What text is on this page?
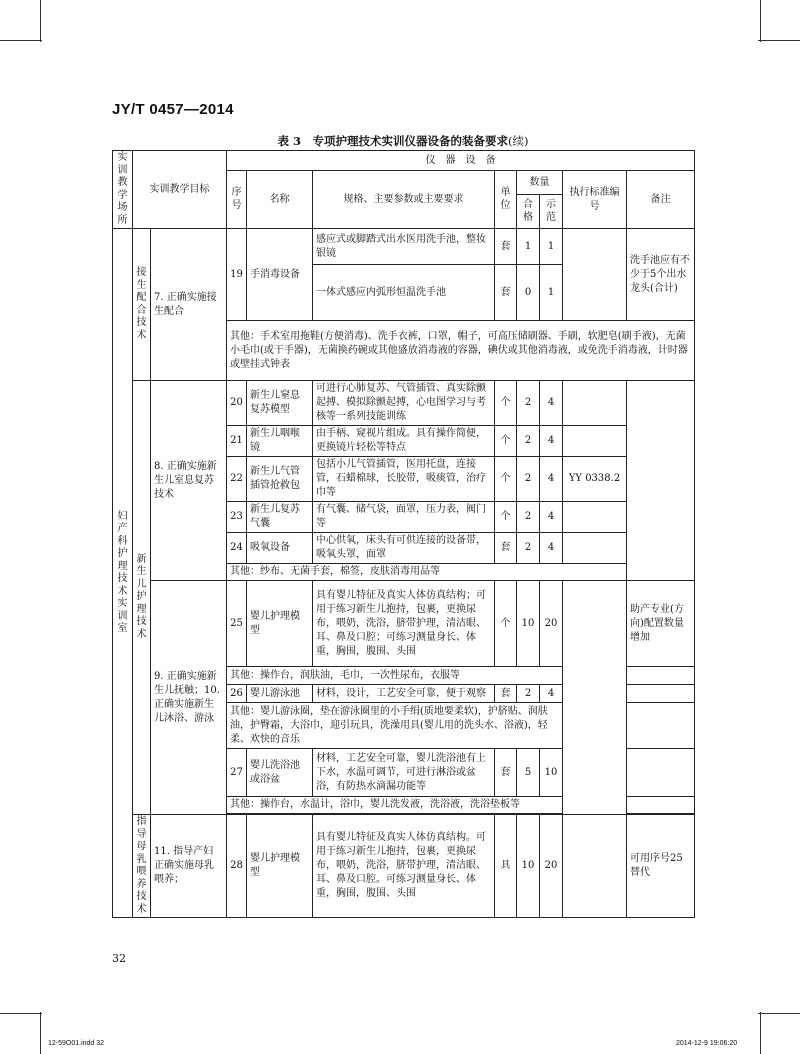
JY/T 0457—2014
表 3　专项护理技术实训仪器设备的装备要求(续)
实训教学场所	实训教学目标		仪　器　设　备							
			序号	名称	规格、主要参数或主要要求	单位	数量		执行标准编号	备注
							合格	示范		
妇产科护理技术实训室	接生配合技术	7. 正确实施接生配合	19	手消毒设备	感应式或脚踏式出水医用洗手池，整妆银镜	套	1	1		洗手池应有不少于5个出水龙头(合计)
					一体式感应内弧形恒温洗手池	套	0	1		
			其他：手术室用拖鞋(方便消毒)、洗手衣裤，口罩，帽子，可高压储刷器、手刷，软肥皂(刷手液)，无菌小毛巾(或干手器)，无菌换药碗或其他盛放消毒液的容器，碘伏或其他消毒液，或免洗手消毒液，计时器或壁挂式钟表							
	新生儿护理技术	8. 正确实施新生儿室息复苏技术	20	新生儿窒息复苏模型	可进行心肺复苏、气管插管、真实除颤起搏、模拟除颤起搏，心电图学习与考核等一系列技能训练	个	2	4		
			21	新生儿咽喉镜	由手柄、窥视片组成。具有操作简便，更换镜片轻松等特点	个	2	4		
			22	新生儿气管插管抢救包	包括小儿气管插管，医用托盘，连接管，石蜡棉球，长胶带，吸痰管，治疗巾等	个	2	4	YY 0338.2	
			23	新生儿复苏气囊	有气囊、储气袋，面罩，压力表，阀门等	个	2	4		
			24	吸氧设备	中心供氧，床头有可供连接的设备带，吸氧头罩，面罩	套	2	4		
			其他：纱布、无菌手套，棉签，皮肤消毒用品等							
		9. 正确实施新生儿抚触；10. 正确实施新生儿沐浴、游泳	25	婴儿护理模型	具有婴儿特征及真实人体仿真结构；可用于练习新生儿抱持，包裹，更换尿布，喂奶，洗浴，脐带护理，清洁眼、耳、鼻及口腔；可练习测量身长、体重，胸围，腹围、头围	个	10	20		助产专业(方向)配置数量增加
			其他：操作台，润肤油，毛巾，一次性尿布，衣服等							
			26	婴儿游泳池	材料，设计，工艺安全可靠，便于观察	套	2	4		
			其他：婴儿游泳圈，垫在游泳圈里的小手绢(质地要柔软)，护脐贴、润肤油，护臀霜，大浴巾，迎引玩具，洗澡用具(婴儿用的洗头水、浴液)，轻柔、欢快的音乐							
			27	婴儿洗浴池或浴盆	材料，工艺安全可靠，婴儿洗浴池有上下水，水温可调节，可进行淋浴或盆浴，有防热水滴漏功能等	套	5	10		
			其他：操作台，水温计，浴巾，婴儿洗发液，洗浴液，洗浴垫板等							

	指导母乳喂养技术	11. 指导产妇正确实施母乳喂养；	28	婴儿护理模型	具有婴儿特征及真实人体仿真结构。可用于练习新生儿抱持，包裹，更换尿布，喂奶，洗浴，脐带护理，清洁眼、耳、鼻及口腔。可练习测量身长、体重，胸围，腹围、头围	具	10	20		可用序号25替代
32
12-59O01.indd 32	2014-12-9 19:06:20
